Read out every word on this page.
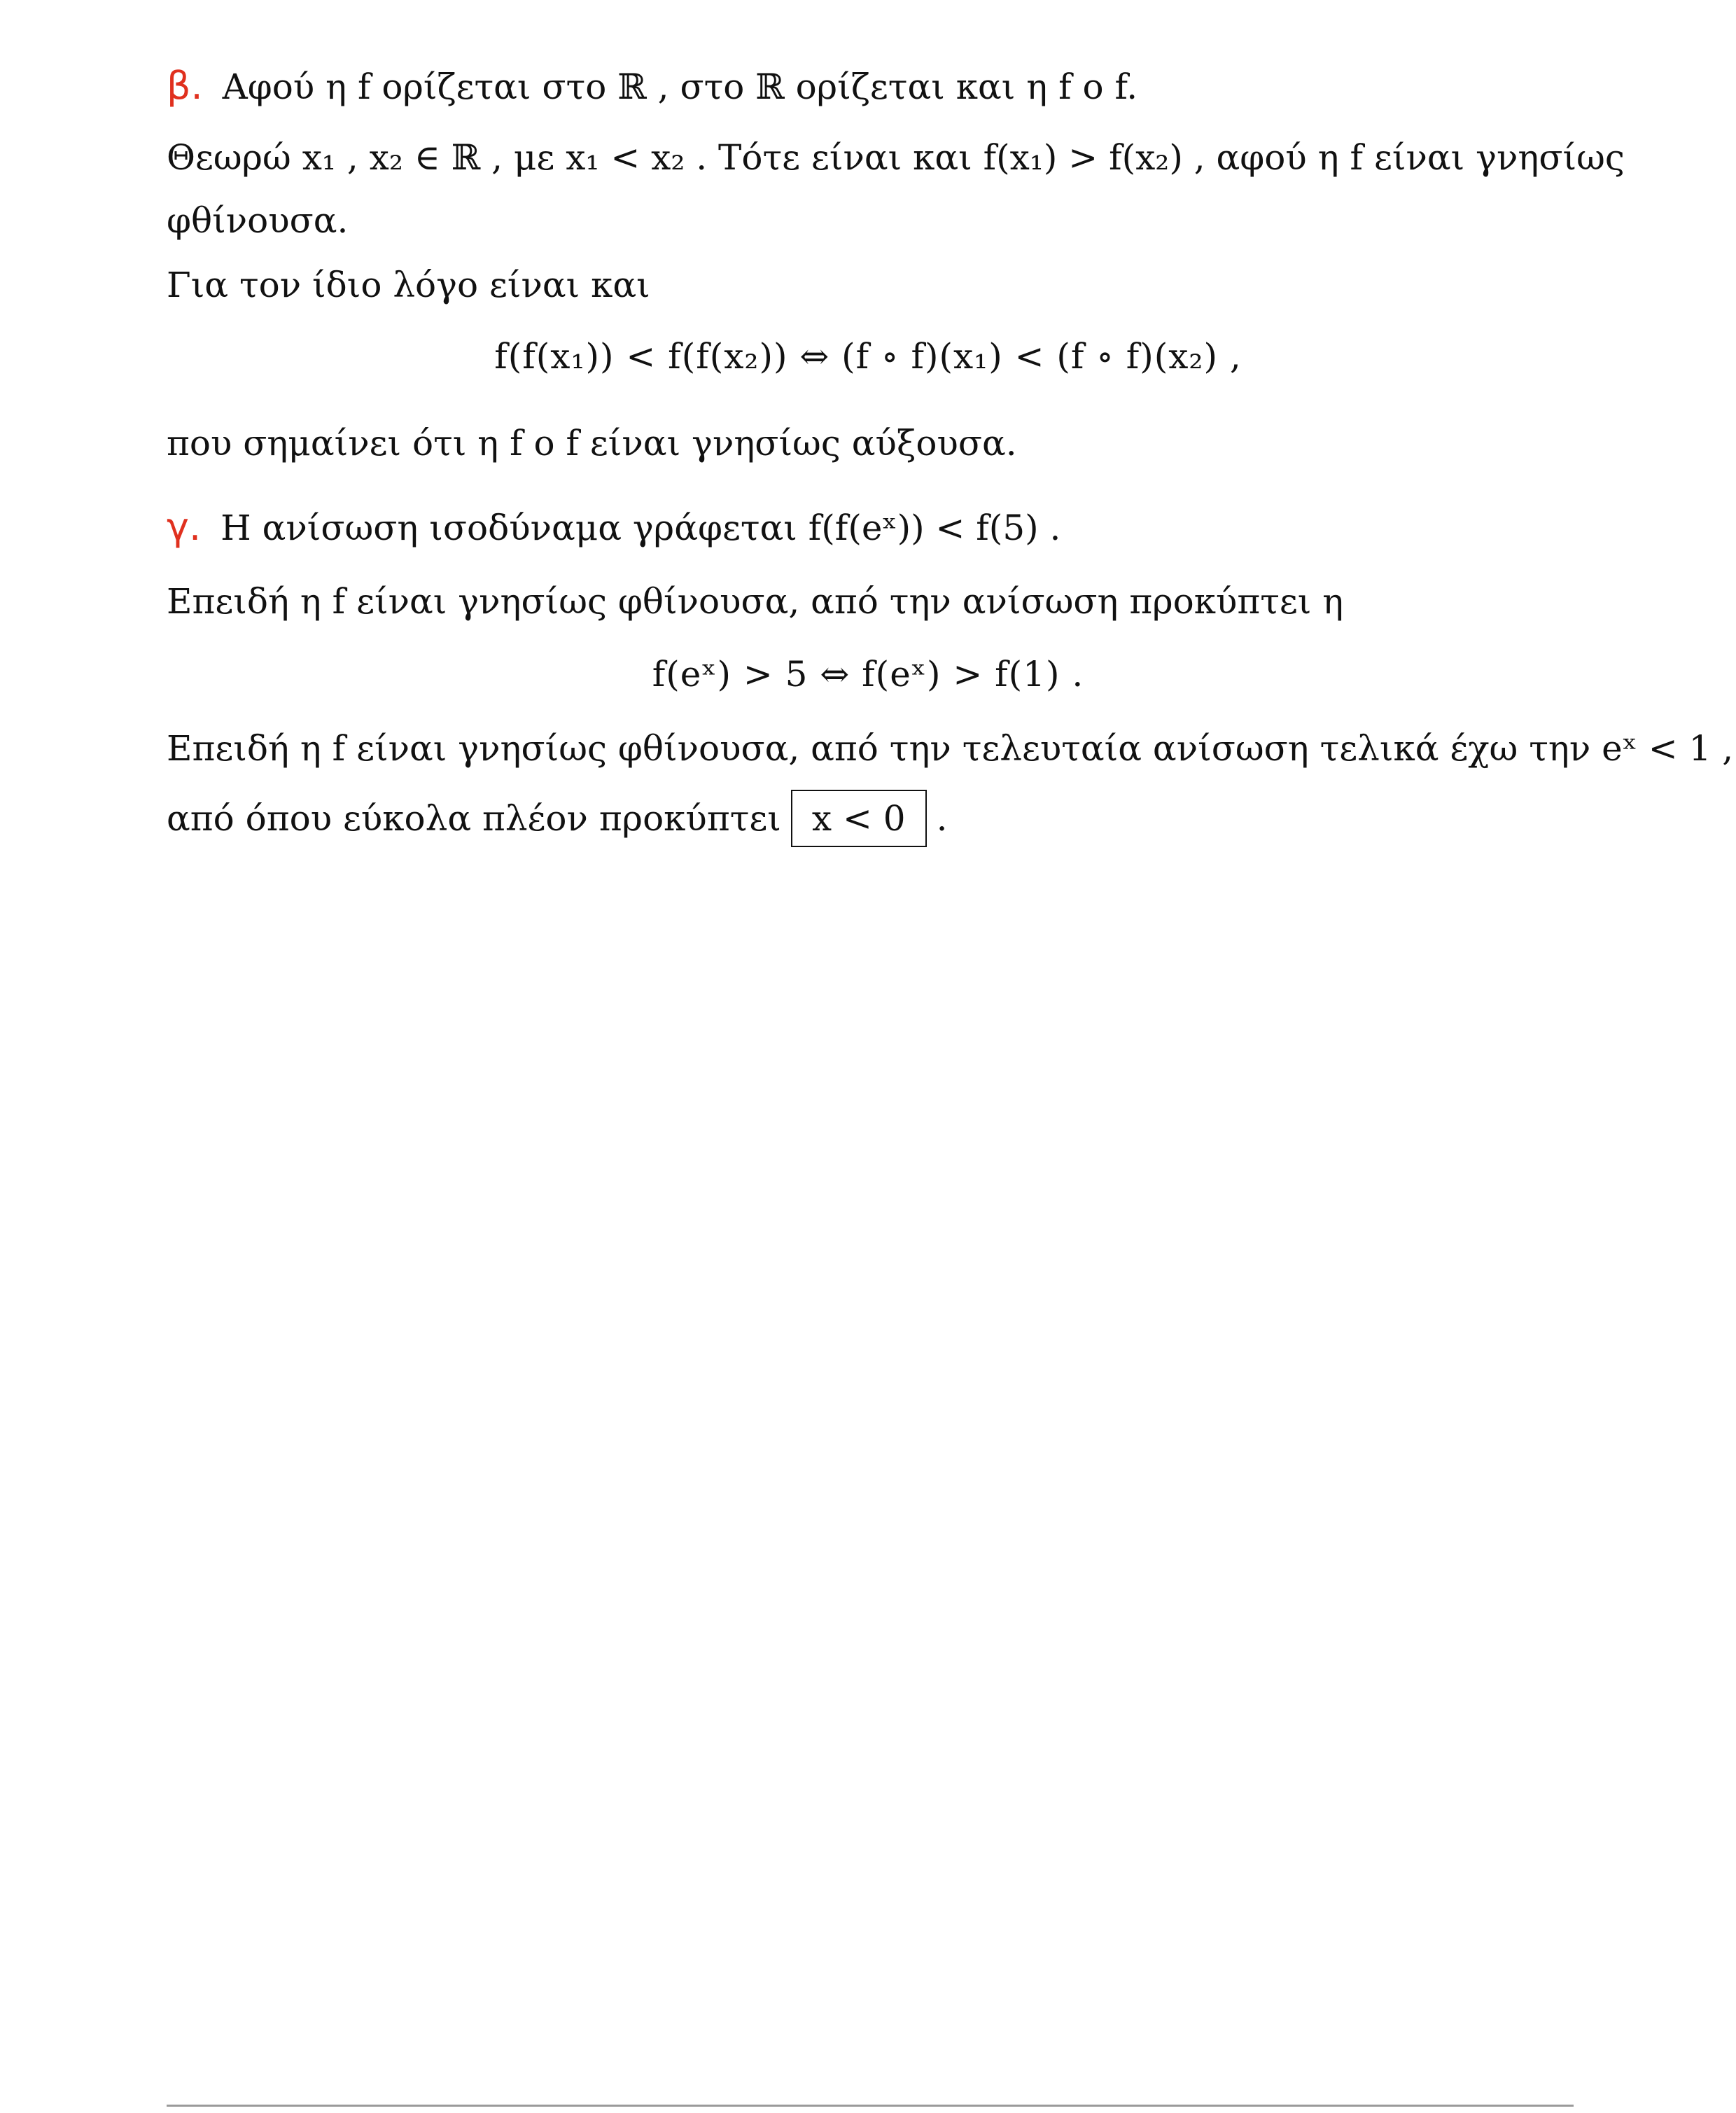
β. Αφού η f ορίζεται στο ℝ , στο ℝ ορίζεται και η f ο f.
Θεωρώ x₁ , x₂ ∈ ℝ , με x₁ < x₂ . Τότε είναι και f(x₁) > f(x₂) , αφού η f είναι γνησίως
φθίνουσα.
Για τον ίδιο λόγο είναι και
f(f(x₁)) < f(f(x₂)) ⇔ (f ∘ f)(x₁) < (f ∘ f)(x₂) ,
που σημαίνει ότι η f ο f είναι γνησίως αύξουσα.
γ. Η ανίσωση ισοδύναμα γράφεται f(f(eˣ)) < f(5) .
Επειδή η f είναι γνησίως φθίνουσα, από την ανίσωση προκύπτει η
f(eˣ) > 5 ⇔ f(eˣ) > f(1) .
Επειδή η f είναι γνησίως φθίνουσα, από την τελευταία ανίσωση τελικά έχω την eˣ < 1 ,
από όπου εύκολα πλέον προκύπτει x < 0 .
